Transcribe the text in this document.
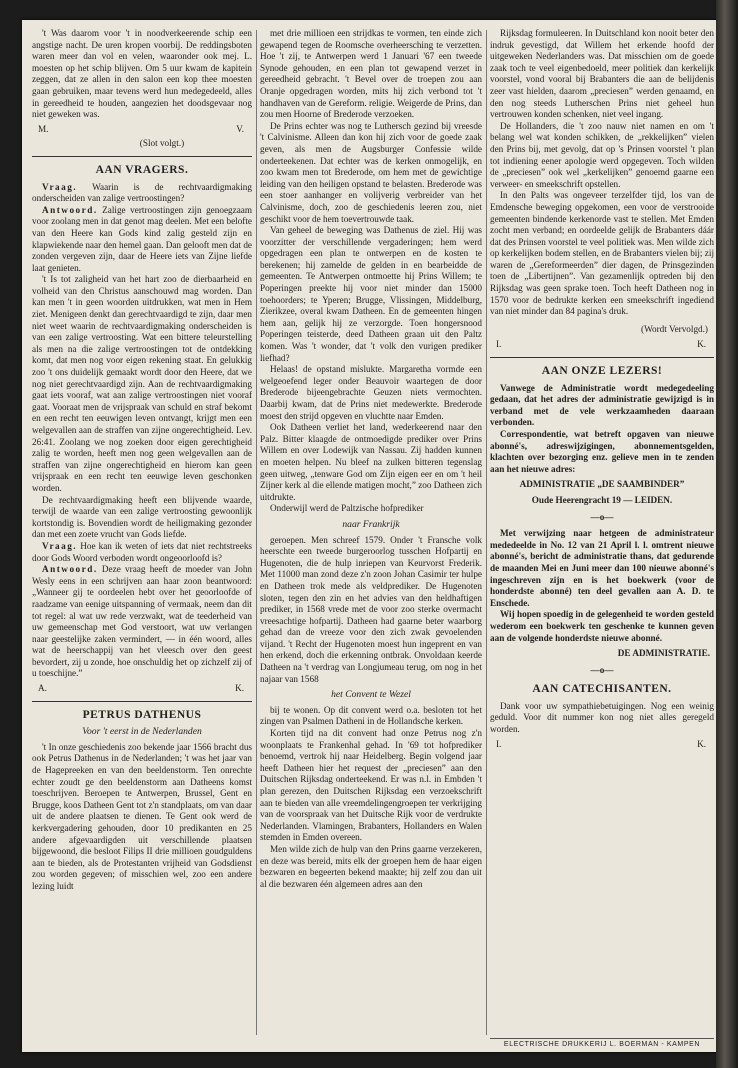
't Was daarom voor 't in noodverkeerende schip een angstige nacht. De uren kropen voorbij. De reddingsboten waren meer dan vol en velen, waaronder ook mej. L. moesten op het schip blijven. Om 5 uur kwam de kapitein zeggen, dat ze allen in den salon een kop thee moesten gaan gebruiken, maar tevens werd hun medegedeeld, alles in gereedheid te houden, aangezien het doodsgevaar nog niet geweken was.

M.	V.
(Slot volgt.)
AAN VRAGERS.

Vraag. Waarin is de rechtvaardigmaking onderscheiden van zalige vertroostingen?

Antwoord. Zalige vertroostingen zijn genoegzaam voor zoolang men in dat genot mag deelen. Met een belofte van den Heere kan Gods kind zalig gesteld zijn en klapwiekende naar den hemel gaan. Dan gelooft men dat de zonden vergeven zijn, daar de Heere iets van Zijne liefde laat genieten.

't Is tot zaligheid van het hart zoo de dierbaarheid en volheid van den Christus aanschouwd mag worden. Dan kan men 't in geen woorden uitdrukken, wat men in Hem ziet. Menigeen denkt dan gerechtvaardigd te zijn, daar men niet weet waarin de rechtvaardigmaking onderscheiden is van een zalige vertroosting. Wat een bittere teleurstelling als men na die zalige vertroostingen tot de ontdekking komt, dat men nog voor eigen rekening staat. En gelukkig zoo 't ons duidelijk gemaakt wordt door den Heere, dat we nog niet gerechtvaardigd zijn. Aan de rechtvaardigmaking gaat iets vooraf, wat aan zalige vertroostingen niet vooraf gaat. Vooraat men de vrijspraak van schuld en straf bekomt en een recht ten eeuwigen leven ontvangt, krijgt men een welgevallen aan de straffen van zijne ongerechtigheid. Lev. 26:41. Zoolang we nog zoeken door eigen gerechtigheid zalig te worden, heeft men nog geen welgevallen aan de straffen van zijne ongerechtigheid en hierom kan geen vrijspraak en een recht ten eeuwige leven geschonken worden.

De rechtvaardigmaking heeft een blijvende waarde, terwijl de waarde van een zalige vertroosting gewoonlijk kortstondig is. Bovendien wordt de heiligmaking gezonder dan met een zoete vrucht van Gods liefde.

Vraag. Hoe kan ik weten of iets dat niet rechtstreeks door Gods Woord verboden wordt ongeoorloofd is?

Antwoord. Deze vraag heeft de moeder van John Wesly eens in een schrijven aan haar zoon beantwoord: „Wanneer gij te oordeelen hebt over het geoorloofde of raadzame van eenige uitspanning of vermaak, neem dan dit tot regel: al wat uw rede verzwakt, wat de teederheid van uw gemeenschap met God verstoort, wat uw verlangen naar geestelijke zaken vermindert, — in één woord, alles wat de heerschappij van het vleesch over den geest bevordert, zij u zonde, hoe onschuldig het op zichzelf zij of u toeschijne.”

A.	K.
PETRUS DATHENUS
Voor 't eerst in de Nederlanden

't In onze geschiedenis zoo bekende jaar 1566 bracht dus ook Petrus Dathenus in de Nederlanden; 't was het jaar van de Hagepreeken en van den beeldenstorm. Ten onrechte echter zoudt ge den beeldenstorm aan Datheens komst toeschrijven. Beroepen te Antwerpen, Brussel, Gent en Brugge, koos Datheen Gent tot z'n standplaats, om van daar uit de andere plaatsen te dienen. Te Gent ook werd de kerkvergadering gehouden, door 10 predikanten en 25 andere afgevaardigden uit verschillende plaatsen bijgewoond, die besloot Filips II drie millioen goudguldens aan te bieden, als de Protestanten vrijheid van Godsdienst zou worden gegeven; of misschien wel, zoo een andere lezing luidt

met drie millioen een strijdkas te vormen, ten einde zich gewapend tegen de Roomsche overheersching te verzetten. Hoe 't zij, te Antwerpen werd 1 Januari '67 een tweede Synode gehouden, en een plan tot gewapend verzet in gereedheid gebracht. 't Bevel over de troepen zou aan Oranje opgedragen worden, mits hij zich verbond tot 't handhaven van de Gereform. religie. Weigerde de Prins, dan zou men Hoorne of Brederode verzoeken.

De Prins echter was nog te Luthersch gezind bij vreesde 't Calvinisme. Alleen dan kon hij zich voor de goede zaak geven, als men de Augsburger Confessie wilde onderteekenen. Dat echter was de kerken onmogelijk, en zoo kwam men tot Brederode, om hem met de gewichtige leiding van den heiligen opstand te belasten. Brederode was een stoer aanhanger en volijverig verbreider van het Calvinisme, doch, zoo de geschiedenis leeren zou, niet geschikt voor de hem toevertrouwde taak.

Van geheel de beweging was Dathenus de ziel. Hij was voorzitter der verschillende vergaderingen; hem werd opgedragen een plan te ontwerpen en de kosten te berekenen; hij zamelde de gelden in en bearbeidde de gemeenten. Te Antwerpen ontmoette hij Prins Willem; te Poperingen preekte hij voor niet minder dan 15000 toehoorders; te Yperen; Brugge, Vlissingen, Middelburg, Zierikzee, overal kwam Datheen. En de gemeenten hingen hem aan, gelijk hij ze verzorgde. Toen hongersnood Poperingen teisterde, deed Datheen graan uit den Paltz komen. Was 't wonder, dat 't volk den vurigen prediker liefhad?

Helaas! de opstand mislukte. Margaretha vormde een welgeoefend leger onder Beauvoir waartegen de door Brederode bijeengebrachte Geuzen niets vermochten. Daarbij kwam, dat de Prins niet medewerkte. Brederode moest den strijd opgeven en vluchtte naar Emden.

Ook Datheen verliet het land, wederkeerend naar den Palz. Bitter klaagde de ontmoedigde prediker over Prins Willem en over Lodewijk van Nassau. Zij hadden kunnen en moeten helpen. Nu bleef na zulken bitteren tegenslag geen uitweg, „tenware God om Zijn eigen eer en om 't heil Zijner kerk al die ellende matigen mocht,” zoo Datheen zich uitdrukte.

Onderwijl werd de Paltzische hofprediker

naar Frankrijk

geroepen. Men schreef 1579. Onder 't Fransche volk heerschte een tweede burgeroorlog tusschen Hofpartij en Hugenoten, die de hulp inriepen van Keurvorst Frederik. Met 11000 man zond deze z'n zoon Johan Casimir ter hulpe en Datheen trok mede als veldprediker. De Hugenoten sloten, tegen den zin en het advies van den heldhaftigen prediker, in 1568 vrede met de voor zoo sterke overmacht vreesachtige hofpartij. Datheen had gaarne beter waarborg gehad dan de vreeze voor den zich zwak gevoelenden vijand. 't Recht der Hugenoten moest hun ingeprent en van hen erkend, doch die erkenning ontbrak. Onvoldaan keerde Datheen na 't verdrag van Longjumeau terug, om nog in het najaar van 1568

het Convent te Wezel

bij te wonen. Op dit convent werd o.a. besloten tot het zingen van Psalmen Datheni in de Hollandsche kerken.

Korten tijd na dit convent had onze Petrus nog z'n woonplaats te Frankenhal gehad. In '69 tot hofprediker benoemd, vertrok hij naar Heidelberg. Begin volgend jaar heeft Datheen hier het request der „preciesen” aan den Duitschen Rijksdag onderteekend. Er was n.l. in Embden 't plan gerezen, den Duitschen Rijksdag een verzoekschrift aan te bieden van alle vreemdelingengroepen ter verkrijging van de voorspraak van het Duitsche Rijk voor de verdrukte Nederlanden. Vlamingen, Brabanters, Hollanders en Walen stemden in Emden overeen.

Men wilde zich de hulp van den Prins gaarne verzekeren, en deze was bereid, mits elk der groepen hem de haar eigen bezwaren en begeerten bekend maakte; hij zelf zou dan uit al die bezwaren één algemeen adres aan den

Rijksdag formuleeren. In Duitschland kon nooit beter den indruk gevestigd, dat Willem het erkende hoofd der uitgeweken Nederlanders was. Dat misschien om de goede zaak toch te veel eigenbedoeld, meer politiek dan kerkelijk voorstel, vond vooral bij Brabanters die aan de belijdenis zeer vast hielden, daarom „preciesen” werden genaamd, en den nog steeds Lutherschen Prins niet geheel hun vertrouwen konden schenken, niet veel ingang.

De Hollanders, die 't zoo nauw niet namen en om 't belang wel wat konden schikken, de „rekkelijken” vielen den Prins bij, met gevolg, dat op 's Prinsen voorstel 't plan tot indiening eener apologie werd opgegeven. Toch wilden de „preciesen” ook wel „kerkelijken” genoemd gaarne een verweer- en smeekschrift opstellen.

In den Palts was ongeveer terzelfder tijd, los van de Emdensche beweging opgekomen, een voor de verstrooide gemeenten bindende kerkenorde vast te stellen. Met Emden zocht men verband; en oordeelde gelijk de Brabanters dáár dat des Prinsen voorstel te veel politiek was. Men wilde zich op kerkelijken bodem stellen, en de Brabanters vielen bij; zij waren de „Gereformeerden” dier dagen, de Prinsgezinden toen de „Libertijnen”. Van gezamenlijk optreden bij den Rijksdag was geen sprake toen. Toch heeft Datheen nog in 1570 voor de bedrukte kerken een smeekschrift ingediend van niet minder dan 84 pagina's druk.

(Wordt Vervolgd.)
I.	K.
AAN ONZE LEZERS!

Vanwege de Administratie wordt medegedeeling gedaan, dat het adres der administratie gewijzigd is in verband met de vele werkzaamheden daaraan verbonden.

Correspondentie, wat betreft opgaven van nieuwe abonné's, adreswijzigingen, abonnementsgelden, klachten over bezorging enz. gelieve men in te zenden aan het nieuwe adres:

ADMINISTRATIE „DE SAAMBINDER”

Oude Heerengracht 19 — LEIDEN.

—o—

Met verwijzing naar hetgeen de administrateur mededeelde in No. 12 van 21 April l. l. omtrent nieuwe abonné's, bericht de administratie thans, dat gedurende de maanden Mei en Juni meer dan 100 nieuwe abonné's ingeschreven zijn en is het boekwerk (voor de honderdste abonné) ten deel gevallen aan A. D. te Enschede.

Wij hopen spoedig in de gelegenheid te worden gesteld wederom een boekwerk ten geschenke te kunnen geven aan de volgende honderdste nieuwe abonné.

DE ADMINISTRATIE.
—o—
AAN CATECHISANTEN.

Dank voor uw sympathiebetuigingen. Nog een weinig geduld. Voor dit nummer kon nog niet alles geregeld worden.

I.	K.
ELECTRISCHE DRUKKERIJ L. BOERMAN - KAMPEN
